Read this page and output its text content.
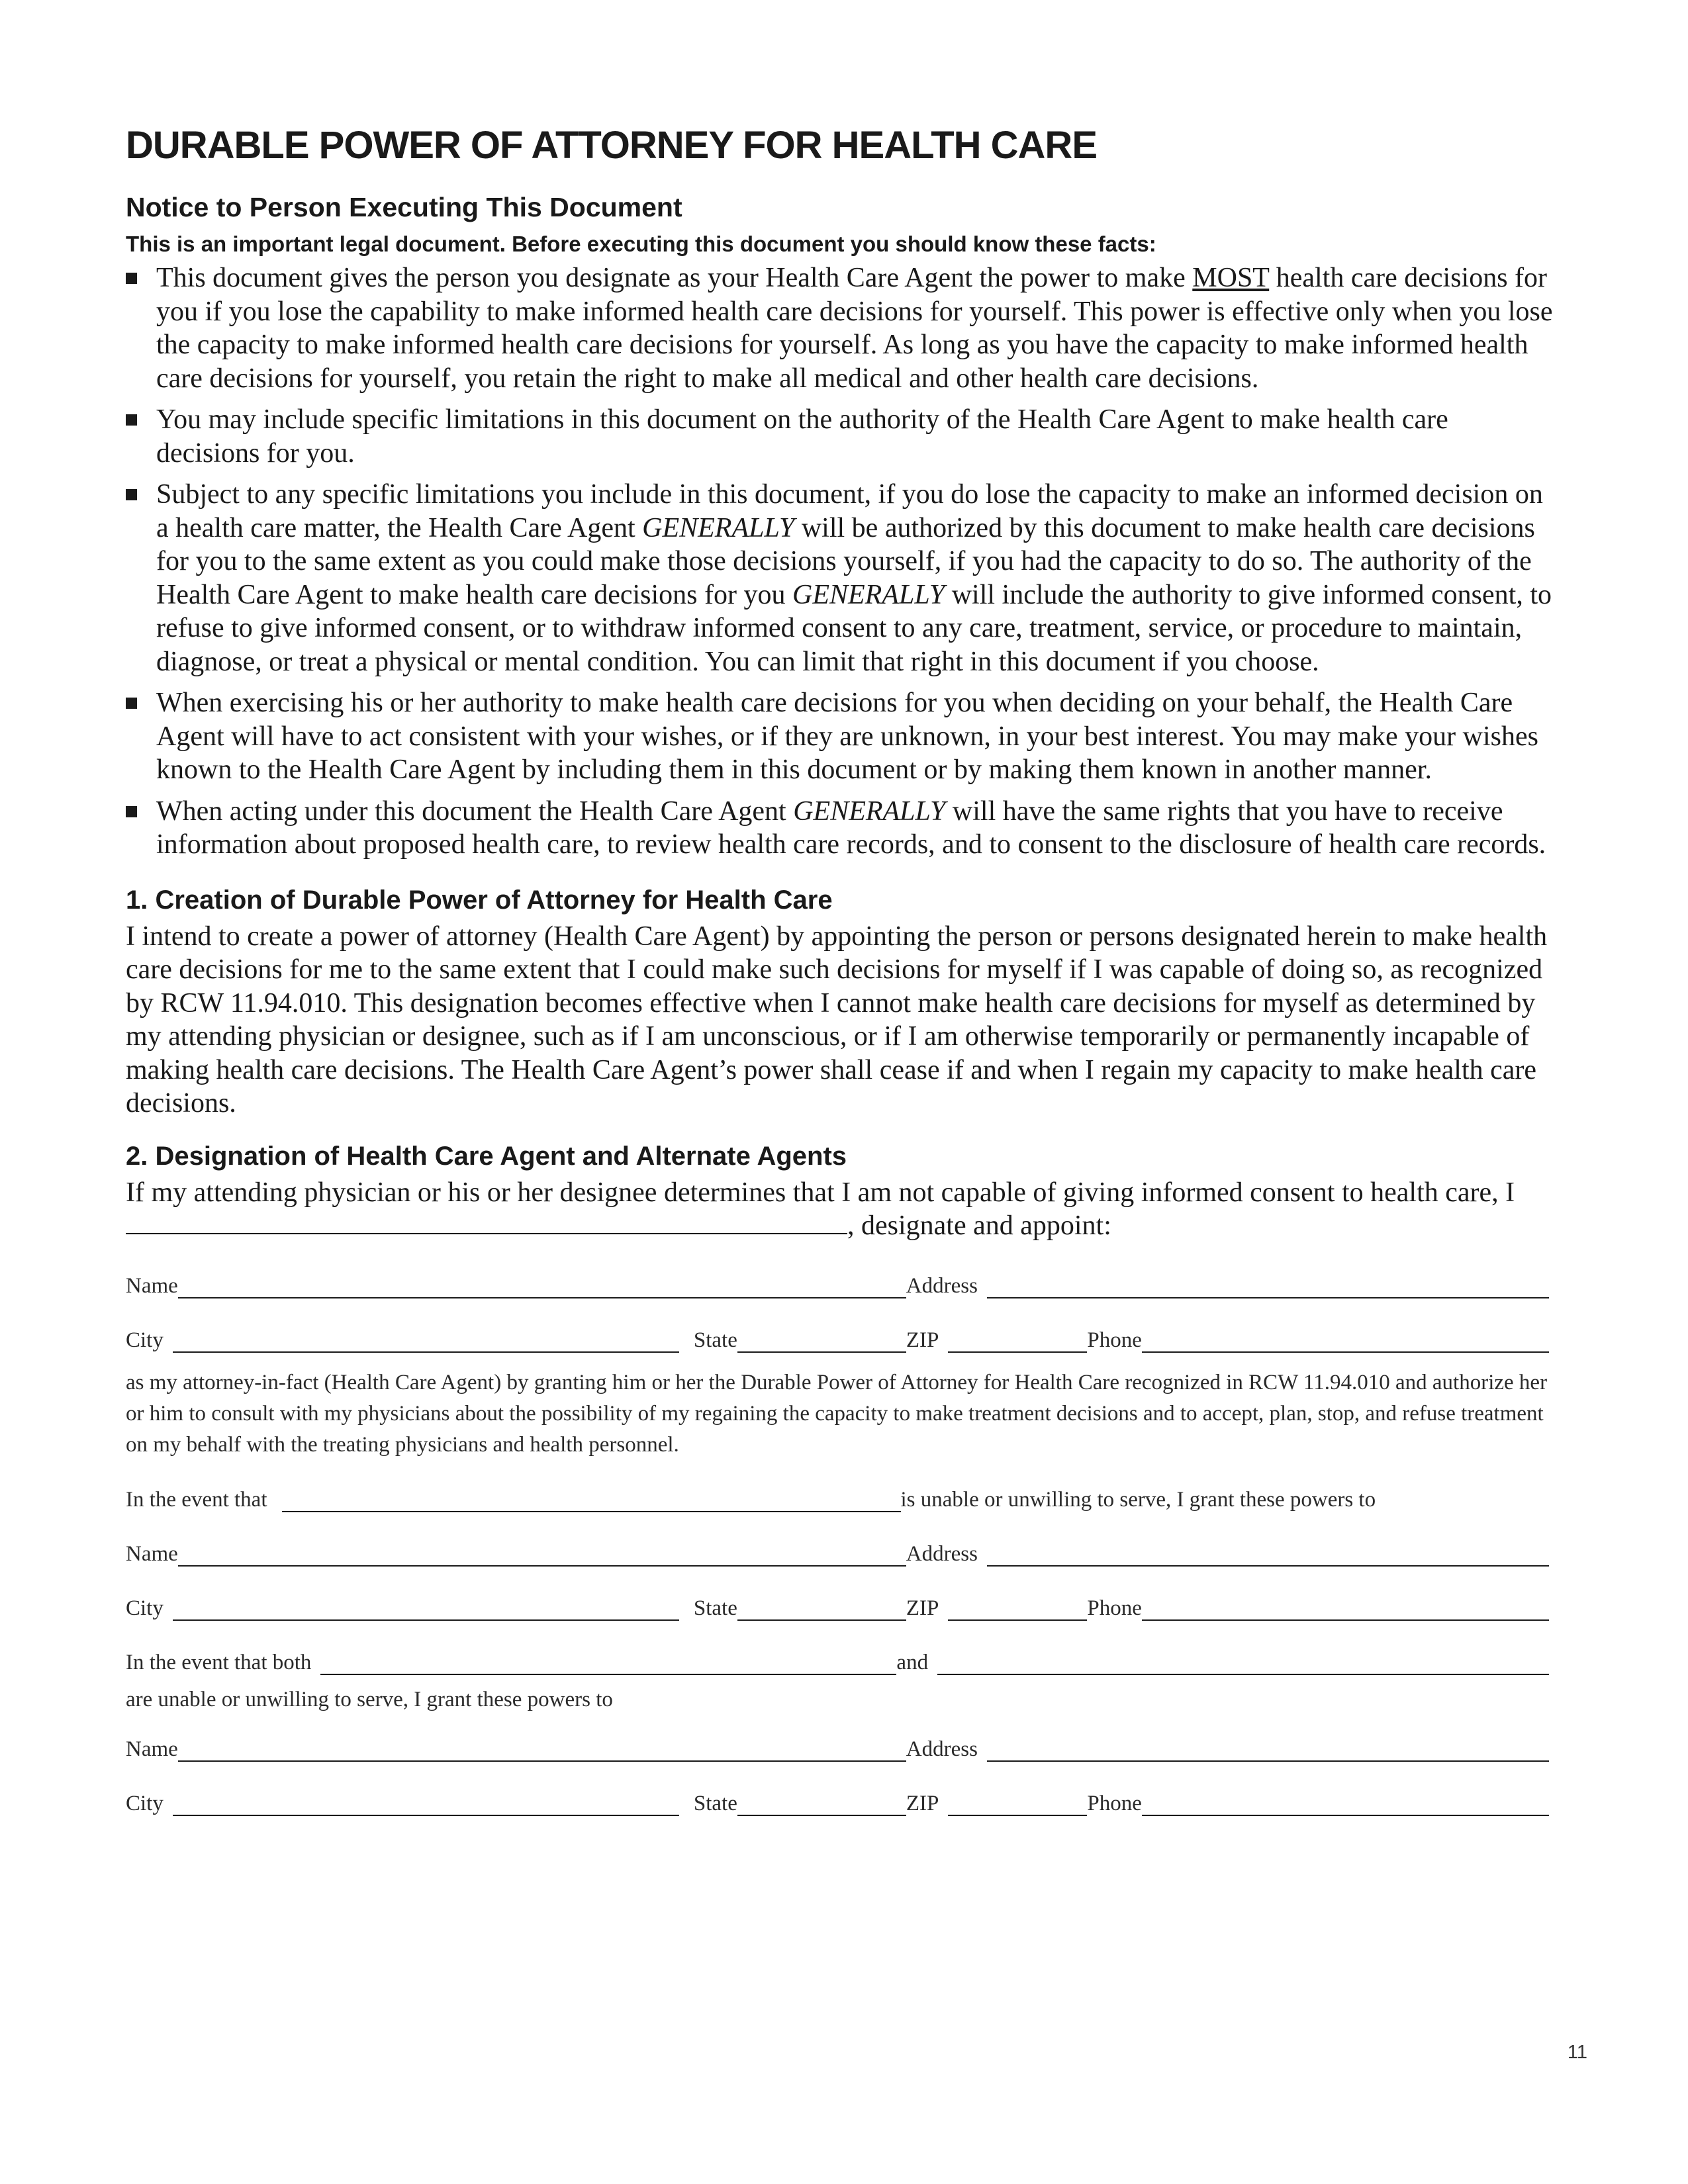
DURABLE POWER OF ATTORNEY FOR HEALTH CARE
Notice to Person Executing This Document

This is an important legal document. Before executing this document you should know these facts:

This document gives the person you designate as your Health Care Agent the power to make MOST health care decisions for you if you lose the capability to make informed health care decisions for yourself. This power is effective only when you lose the capacity to make informed health care decisions for yourself. As long as you have the capacity to make informed health care decisions for yourself, you retain the right to make all medical and other health care decisions.
You may include specific limitations in this document on the authority of the Health Care Agent to make health care decisions for you.
Subject to any specific limitations you include in this document, if you do lose the capacity to make an informed decision on a health care matter, the Health Care Agent GENERALLY will be authorized by this document to make health care decisions for you to the same extent as you could make those decisions yourself, if you had the capacity to do so. The authority of the Health Care Agent to make health care decisions for you GENERALLY will include the authority to give informed consent, to refuse to give informed consent, or to withdraw informed consent to any care, treatment, service, or procedure to maintain, diagnose, or treat a physical or mental condition. You can limit that right in this document if you choose.
When exercising his or her authority to make health care decisions for you when deciding on your behalf, the Health Care Agent will have to act consistent with your wishes, or if they are unknown, in your best interest. You may make your wishes known to the Health Care Agent by including them in this document or by making them known in another manner.
When acting under this document the Health Care Agent GENERALLY will have the same rights that you have to receive information about proposed health care, to review health care records, and to consent to the disclosure of health care records.
1. Creation of Durable Power of Attorney for Health Care

I intend to create a power of attorney (Health Care Agent) by appointing the person or persons designated herein to make health care decisions for me to the same extent that I could make such decisions for myself if I was capable of doing so, as recognized by RCW 11.94.010. This designation becomes effective when I cannot make health care decisions for myself as determined by my attending physician or designee, such as if I am unconscious, or if I am otherwise temporarily or permanently incapable of making health care decisions. The Health Care Agent’s power shall cease if and when I regain my capacity to make health care decisions.

2. Designation of Health Care Agent and Alternate Agents

If my attending physician or his or her designee determines that I am not capable of giving informed consent to health care, I , designate and appoint:

Name	Address
City	State	ZIP	Phone

as my attorney-in-fact (Health Care Agent) by granting him or her the Durable Power of Attorney for Health Care recognized in RCW 11.94.010 and authorize her or him to consult with my physicians about the possibility of my regaining the capacity to make treatment decisions and to accept, plan, stop, and refuse treatment on my behalf with the treating physicians and health personnel.

In the event that	is unable or unwilling to serve, I grant these powers to
Name	Address
City	State	ZIP	Phone
In the event that both	and

are unable or unwilling to serve, I grant these powers to

Name	Address
City	State	ZIP	Phone
11
